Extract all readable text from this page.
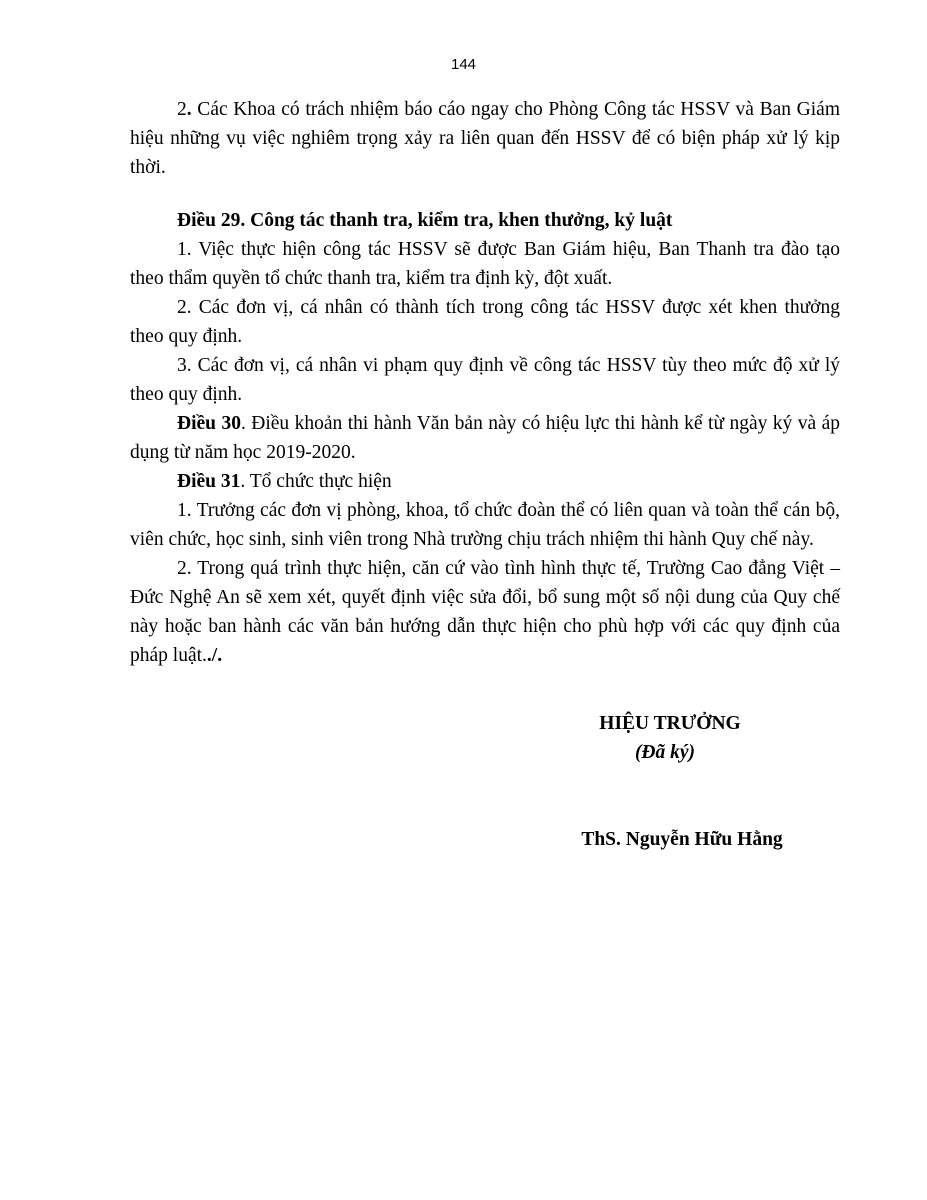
144

2. Các Khoa có trách nhiệm báo cáo ngay cho Phòng Công tác HSSV và Ban Giám hiệu những vụ việc nghiêm trọng xảy ra liên quan đến HSSV để có biện pháp xử lý kịp thời.

Điều 29. Công tác thanh tra, kiểm tra, khen thưởng, kỷ luật

1. Việc thực hiện công tác HSSV sẽ được Ban Giám hiệu, Ban Thanh tra đào tạo theo thẩm quyền tổ chức thanh tra, kiểm tra định kỳ, đột xuất.

2. Các đơn vị, cá nhân có thành tích trong công tác HSSV được xét khen thưởng theo quy định.

3. Các đơn vị, cá nhân vi phạm quy định về công tác HSSV tùy theo mức độ xử lý theo quy định.

Điều 30. Điều khoản thi hành Văn bản này có hiệu lực thi hành kể từ ngày ký và áp dụng từ năm học 2019-2020.

Điều 31. Tổ chức thực hiện

1. Trưởng các đơn vị phòng, khoa, tổ chức đoàn thể có liên quan và toàn thể cán bộ, viên chức, học sinh, sinh viên trong Nhà trường chịu trách nhiệm thi hành Quy chế này.

2. Trong quá trình thực hiện, căn cứ vào tình hình thực tế, Trường Cao đẳng Việt – Đức Nghệ An sẽ xem xét, quyết định việc sửa đổi, bổ sung một số nội dung của Quy chế này hoặc ban hành các văn bản hướng dẫn thực hiện cho phù hợp với các quy định của pháp luật../.

HIỆU TRƯỞNG
(Đã ký)
ThS. Nguyễn Hữu Hằng
